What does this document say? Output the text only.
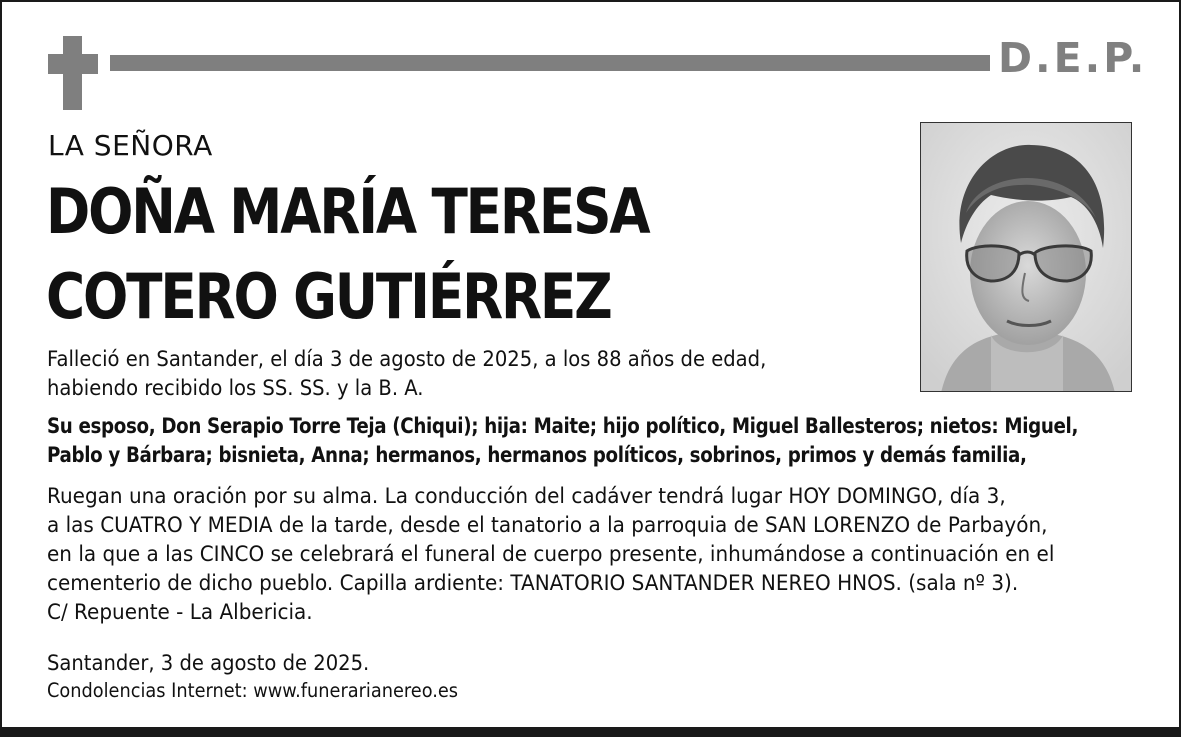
D.E.P.
LA SEÑORA
DOÑA MARÍA TERESA
COTERO GUTIÉRREZ
Falleció en Santander, el día 3 de agosto de 2025, a los 88 años de edad,
habiendo recibido los SS. SS. y la B. A.
Su esposo, Don Serapio Torre Teja (Chiqui); hija: Maite; hijo político, Miguel Ballesteros; nietos: Miguel,
Pablo y Bárbara; bisnieta, Anna; hermanos, hermanos políticos, sobrinos, primos y demás familia,
Ruegan una oración por su alma. La conducción del cadáver tendrá lugar HOY DOMINGO, día 3,
a las CUATRO Y MEDIA de la tarde, desde el tanatorio a la parroquia de SAN LORENZO de Parbayón,
en la que a las CINCO se celebrará el funeral de cuerpo presente, inhumándose a continuación en el
cementerio de dicho pueblo. Capilla ardiente: TANATORIO SANTANDER NEREO HNOS. (sala nº 3).
C/ Repuente - La Albericia.
Santander, 3 de agosto de 2025.
Condolencias Internet: www.funerarianereo.es
